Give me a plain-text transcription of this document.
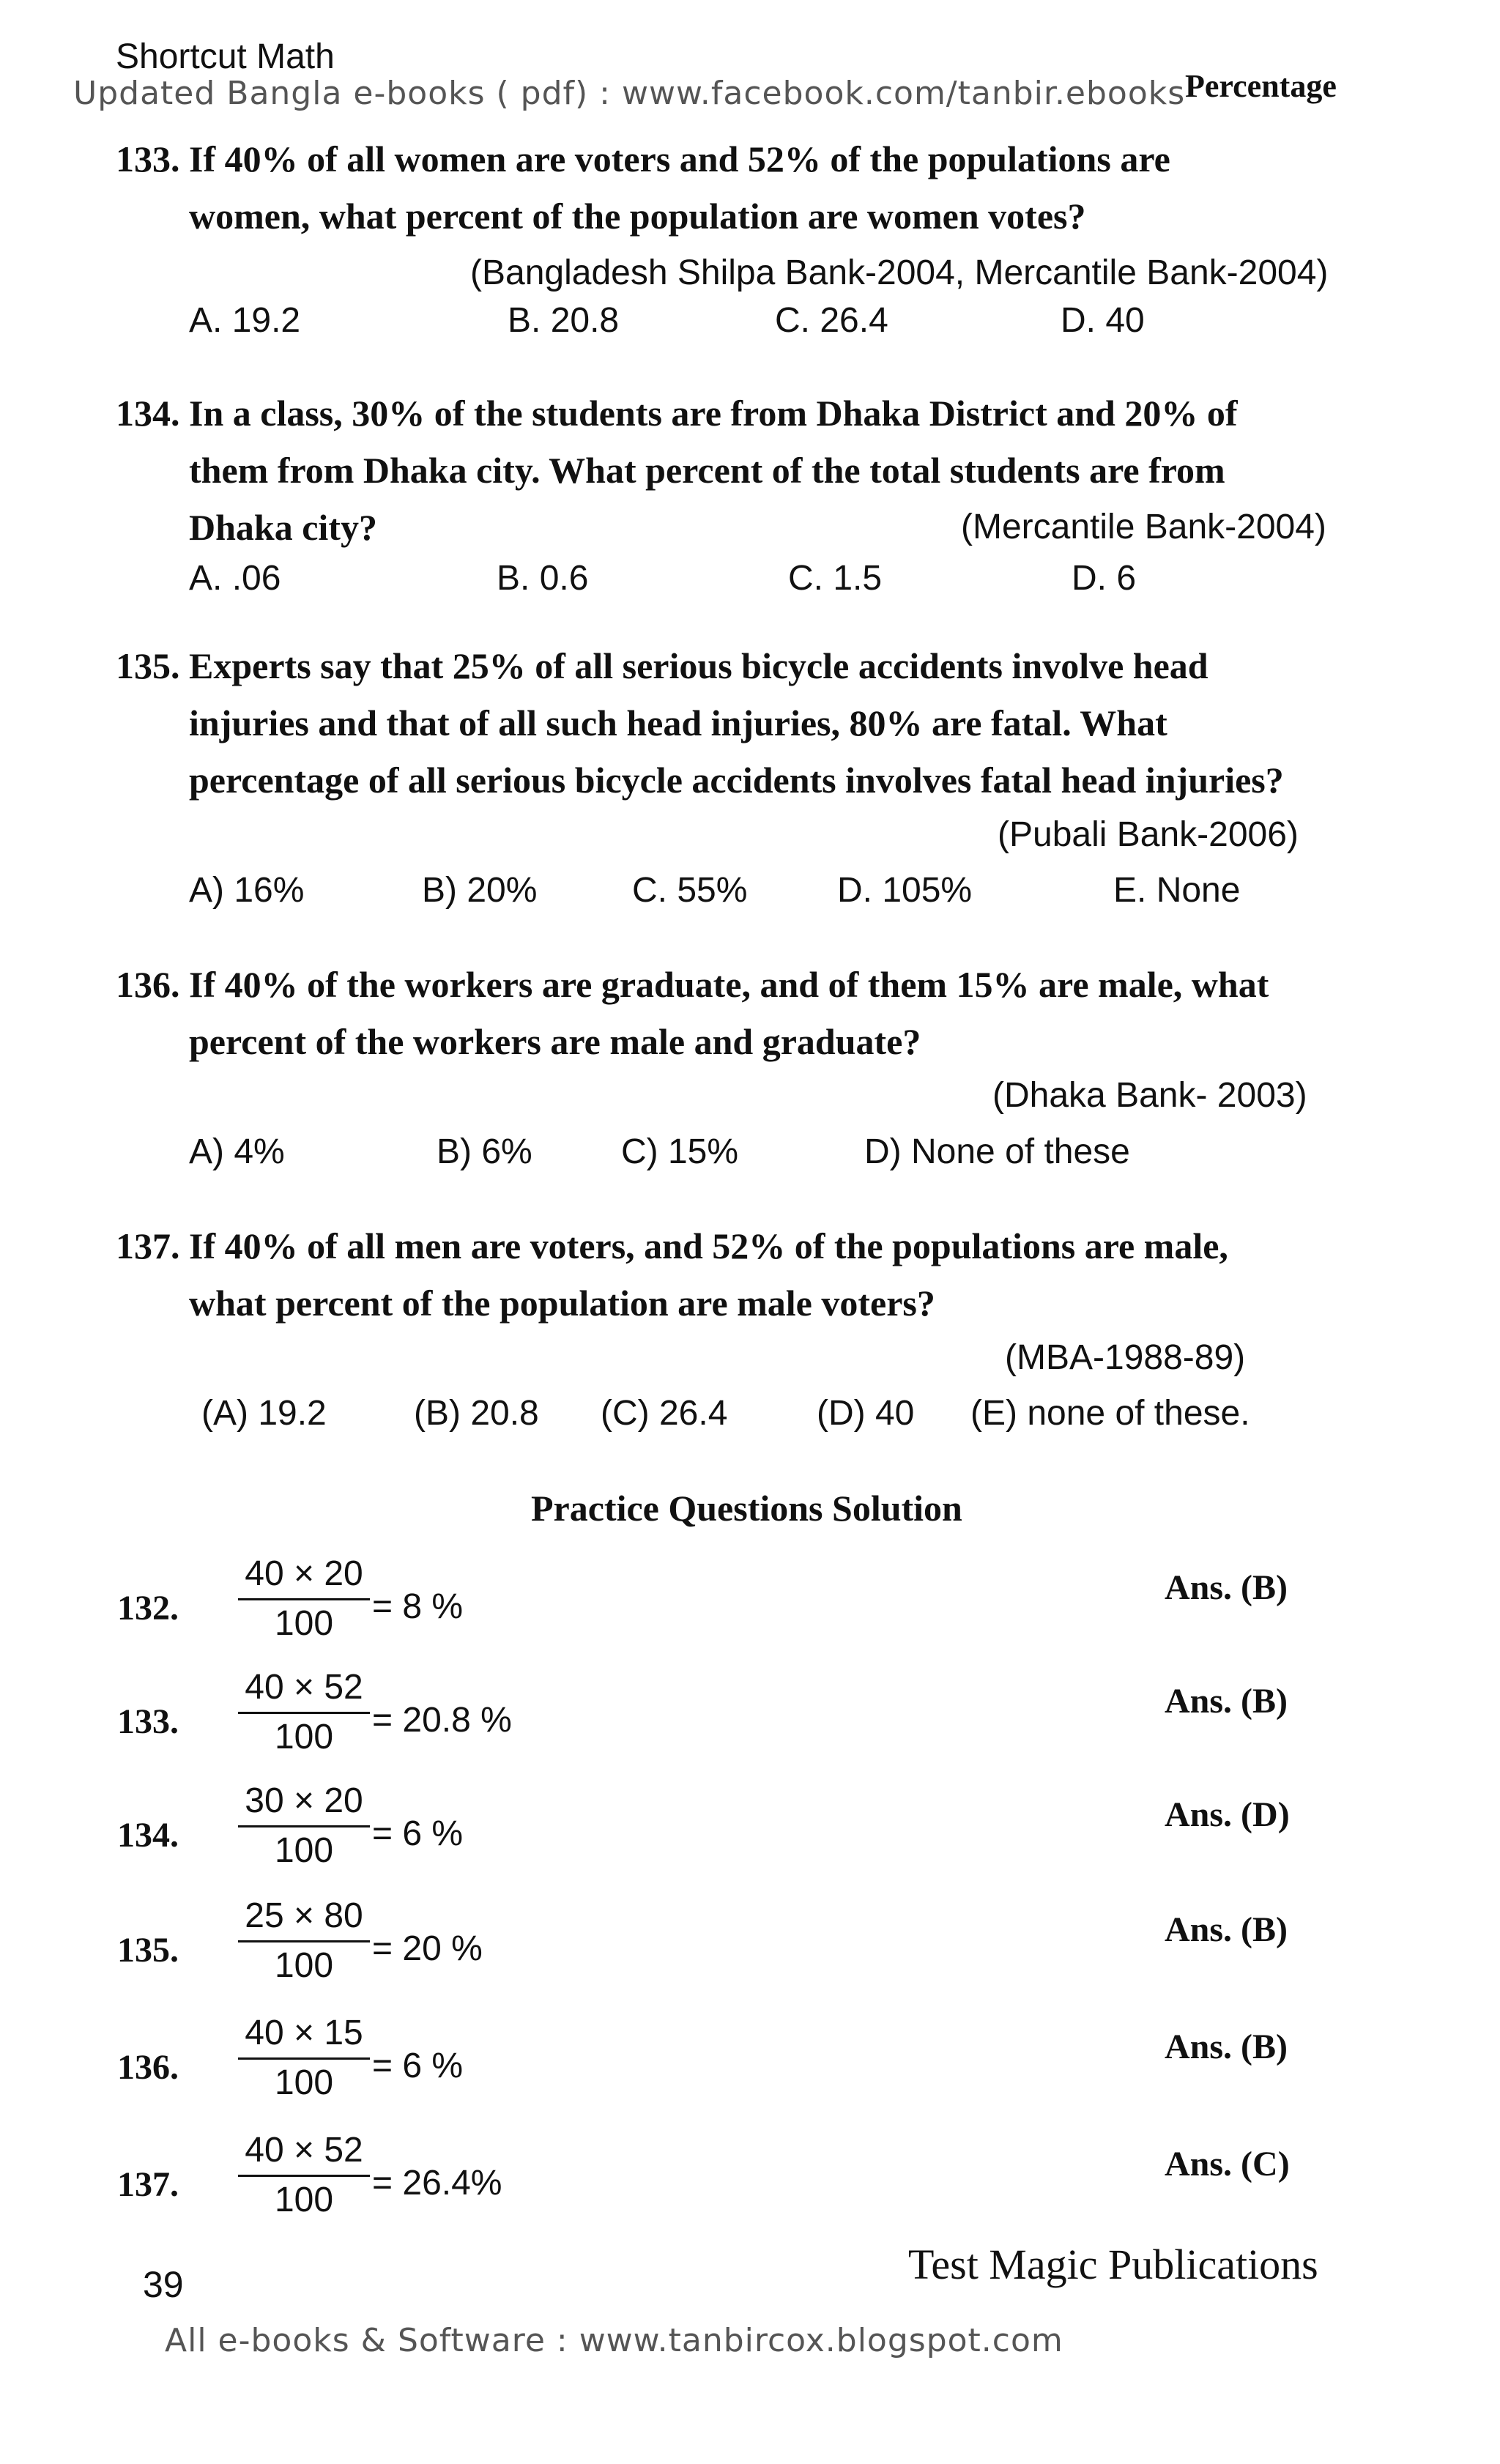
Shortcut Math
Updated Bangla e-books ( pdf) : www.facebook.com/tanbir.ebooks Percentage
133. If 40% of all women are voters and 52% of the populations are
women, what percent of the population are women votes?
(Bangladesh Shilpa Bank-2004, Mercantile Bank-2004)
A. 19.2	B. 20.8	C. 26.4	D. 40
134. In a class, 30% of the students are from Dhaka District and 20% of
them from Dhaka city. What percent of the total students are from
Dhaka city?	(Mercantile Bank-2004)
A. .06	B. 0.6	C. 1.5	D. 6
135. Experts say that 25% of all serious bicycle accidents involve head
injuries and that of all such head injuries, 80% are fatal. What
percentage of all serious bicycle accidents involves fatal head injuries?
(Pubali Bank-2006)
A) 16%	B) 20%	C. 55%	D. 105%	E. None
136. If 40% of the workers are graduate, and of them 15% are male, what
percent of the workers are male and graduate?
(Dhaka Bank- 2003)
A) 4%	B) 6%	C) 15%	D) None of these
137. If 40% of all men are voters, and 52% of the populations are male,
what percent of the population are male voters?
(MBA-1988-89)
(A) 19.2 (B) 20.8 (C) 26.4	(D) 40 (E) none of these.
Practice Questions Solution
132.
40 × 20
100	= 8 %	Ans. (B)
133.
40 × 52
100	= 20.8 %	Ans. (B)
134.
30 × 20
100	= 6 %	Ans. (D)
135.
25 × 80
100	= 20 %	Ans. (B)
136.
40 × 15
100	= 6 %	Ans. (B)
137.
40 × 52
100	= 26.4%	Ans. (C)
39	Test Magic Publications
All e-books & Software : www.tanbircox.blogspot.com
